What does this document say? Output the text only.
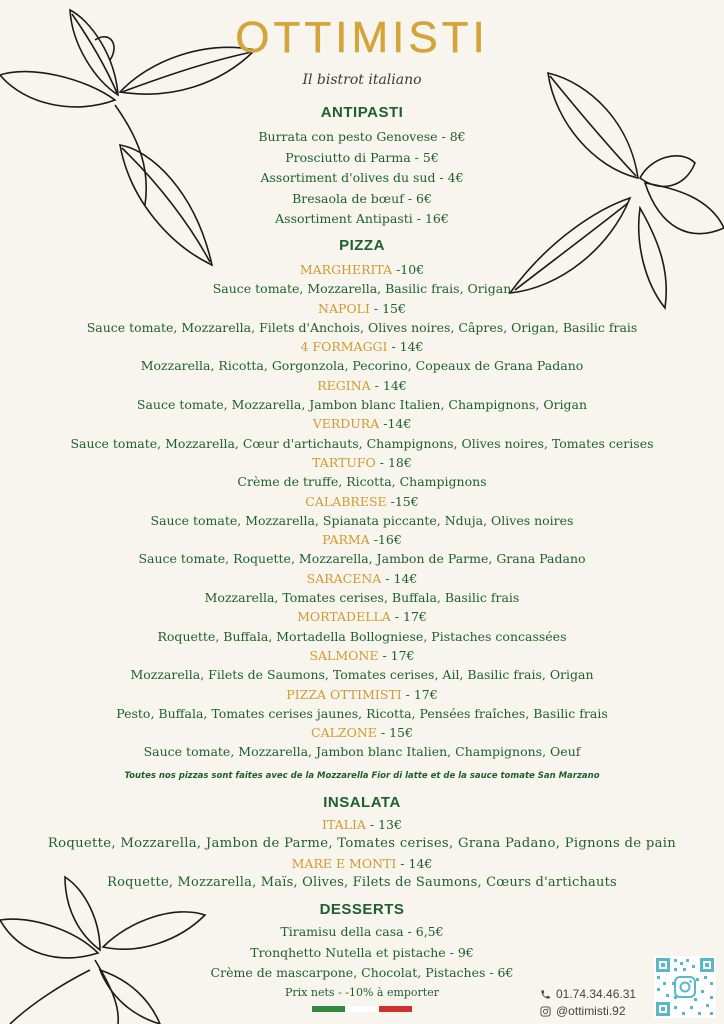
OTTIMISTI
Il bistrot italiano
ANTIPASTI
Burrata con pesto Genovese - 8€
Prosciutto di Parma - 5€
Assortiment d'olives du sud - 4€
Bresaola de bœuf - 6€
Assortiment Antipasti - 16€
PIZZA
MARGHERITA -10€
Sauce tomate, Mozzarella, Basilic frais, Origan
NAPOLI - 15€
Sauce tomate, Mozzarella, Filets d'Anchois, Olives noires, Câpres, Origan, Basilic frais
4 FORMAGGI - 14€
Mozzarella, Ricotta, Gorgonzola, Pecorino, Copeaux de Grana Padano
REGINA - 14€
Sauce tomate, Mozzarella, Jambon blanc Italien, Champignons, Origan
VERDURA -14€
Sauce tomate, Mozzarella, Cœur d'artichauts, Champignons, Olives noires, Tomates cerises
TARTUFO - 18€
Crème de truffe, Ricotta, Champignons
CALABRESE -15€
Sauce tomate, Mozzarella, Spianata piccante, Nduja, Olives noires
PARMA -16€
Sauce tomate, Roquette, Mozzarella, Jambon de Parme, Grana Padano
SARACENA - 14€
Mozzarella, Tomates cerises, Buffala, Basilic frais
MORTADELLA - 17€
Roquette, Buffala, Mortadella Bollogniese, Pistaches concassées
SALMONE - 17€
Mozzarella, Filets de Saumons, Tomates cerises, Ail, Basilic frais, Origan
PIZZA OTTIMISTI - 17€
Pesto, Buffala, Tomates cerises jaunes, Ricotta, Pensées fraîches, Basilic frais
CALZONE - 15€
Sauce tomate, Mozzarella, Jambon blanc Italien, Champignons, Oeuf
Toutes nos pizzas sont faites avec de la Mozzarella Fior di latte et de la sauce tomate San Marzano
INSALATA
ITALIA - 13€
Roquette, Mozzarella, Jambon de Parme, Tomates cerises, Grana Padano, Pignons de pain
MARE E MONTI - 14€
Roquette, Mozzarella, Maïs, Olives, Filets de Saumons, Cœurs d'artichauts
DESSERTS
Tiramisu della casa - 6,5€
Tronqhetto Nutella et pistache - 9€
Crème de mascarpone, Chocolat, Pistaches - 6€
Prix nets - -10% à emporter	01.74.34.46.31
@ottimisti.92
